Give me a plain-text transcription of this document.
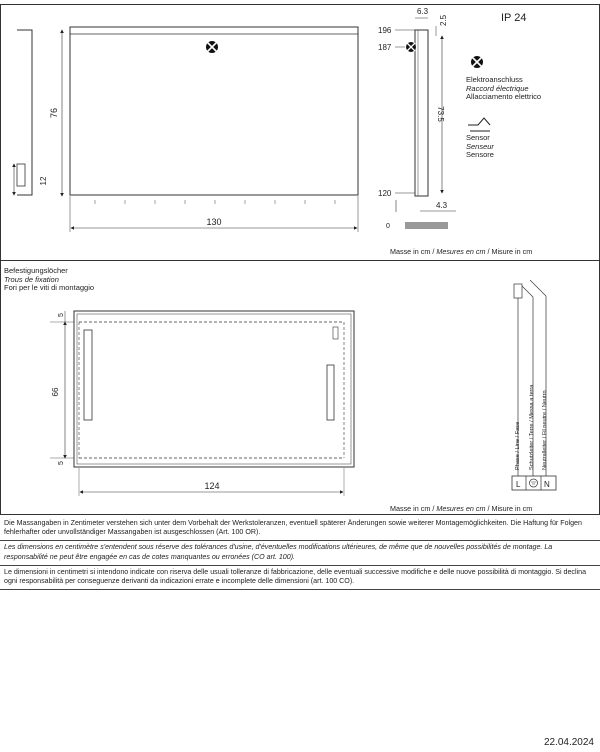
12
76
130
196
187
120
0
6.3
2.5
73.5
4.3
5
66
5
124
Phase / Line / Fase Schutzleiter / Terre / Messa a terra Neutralleiter / Fil neutre / Neutro
L	N
IP 24
Elektroanschluss
Raccord électrique
Allacciamento elettrico
Sensor
Senseur
Sensore
Masse in cm / Mesures en cm / Misure in cm
Befestigungslöcher
Trous de fixation
Fori per le viti di montaggio
Masse in cm / Mesures en cm / Misure in cm

Die Massangaben in Zentimeter verstehen sich unter dem Vorbehalt der Werkstoleranzen, eventuell späterer Änderungen sowie weiterer Montagemöglichkeiten. Die Haftung für Folgen fehlerhafter oder unvollständiger Massangaben ist ausgeschlossen (Art. 100 OR).

Les dimensions en centimètre s'entendent sous réserve des tolérances d'usine, d'éventuelles modifications ultérieures, de même que de nouvelles possibilités de montage. La responsabilité ne peut être engagée en cas de cotes manquantes ou erronées (CO art. 100).

Le dimensioni in centimetri si intendono indicate con riserva delle usuali tolleranze di fabbricazione, delle eventuali successive modifiche e delle nuove possibilità di montaggio. Si declina ogni responsabilità per conseguenze derivanti da indicazioni errate e incomplete delle dimensioni (art. 100 CO).

22.04.2024
